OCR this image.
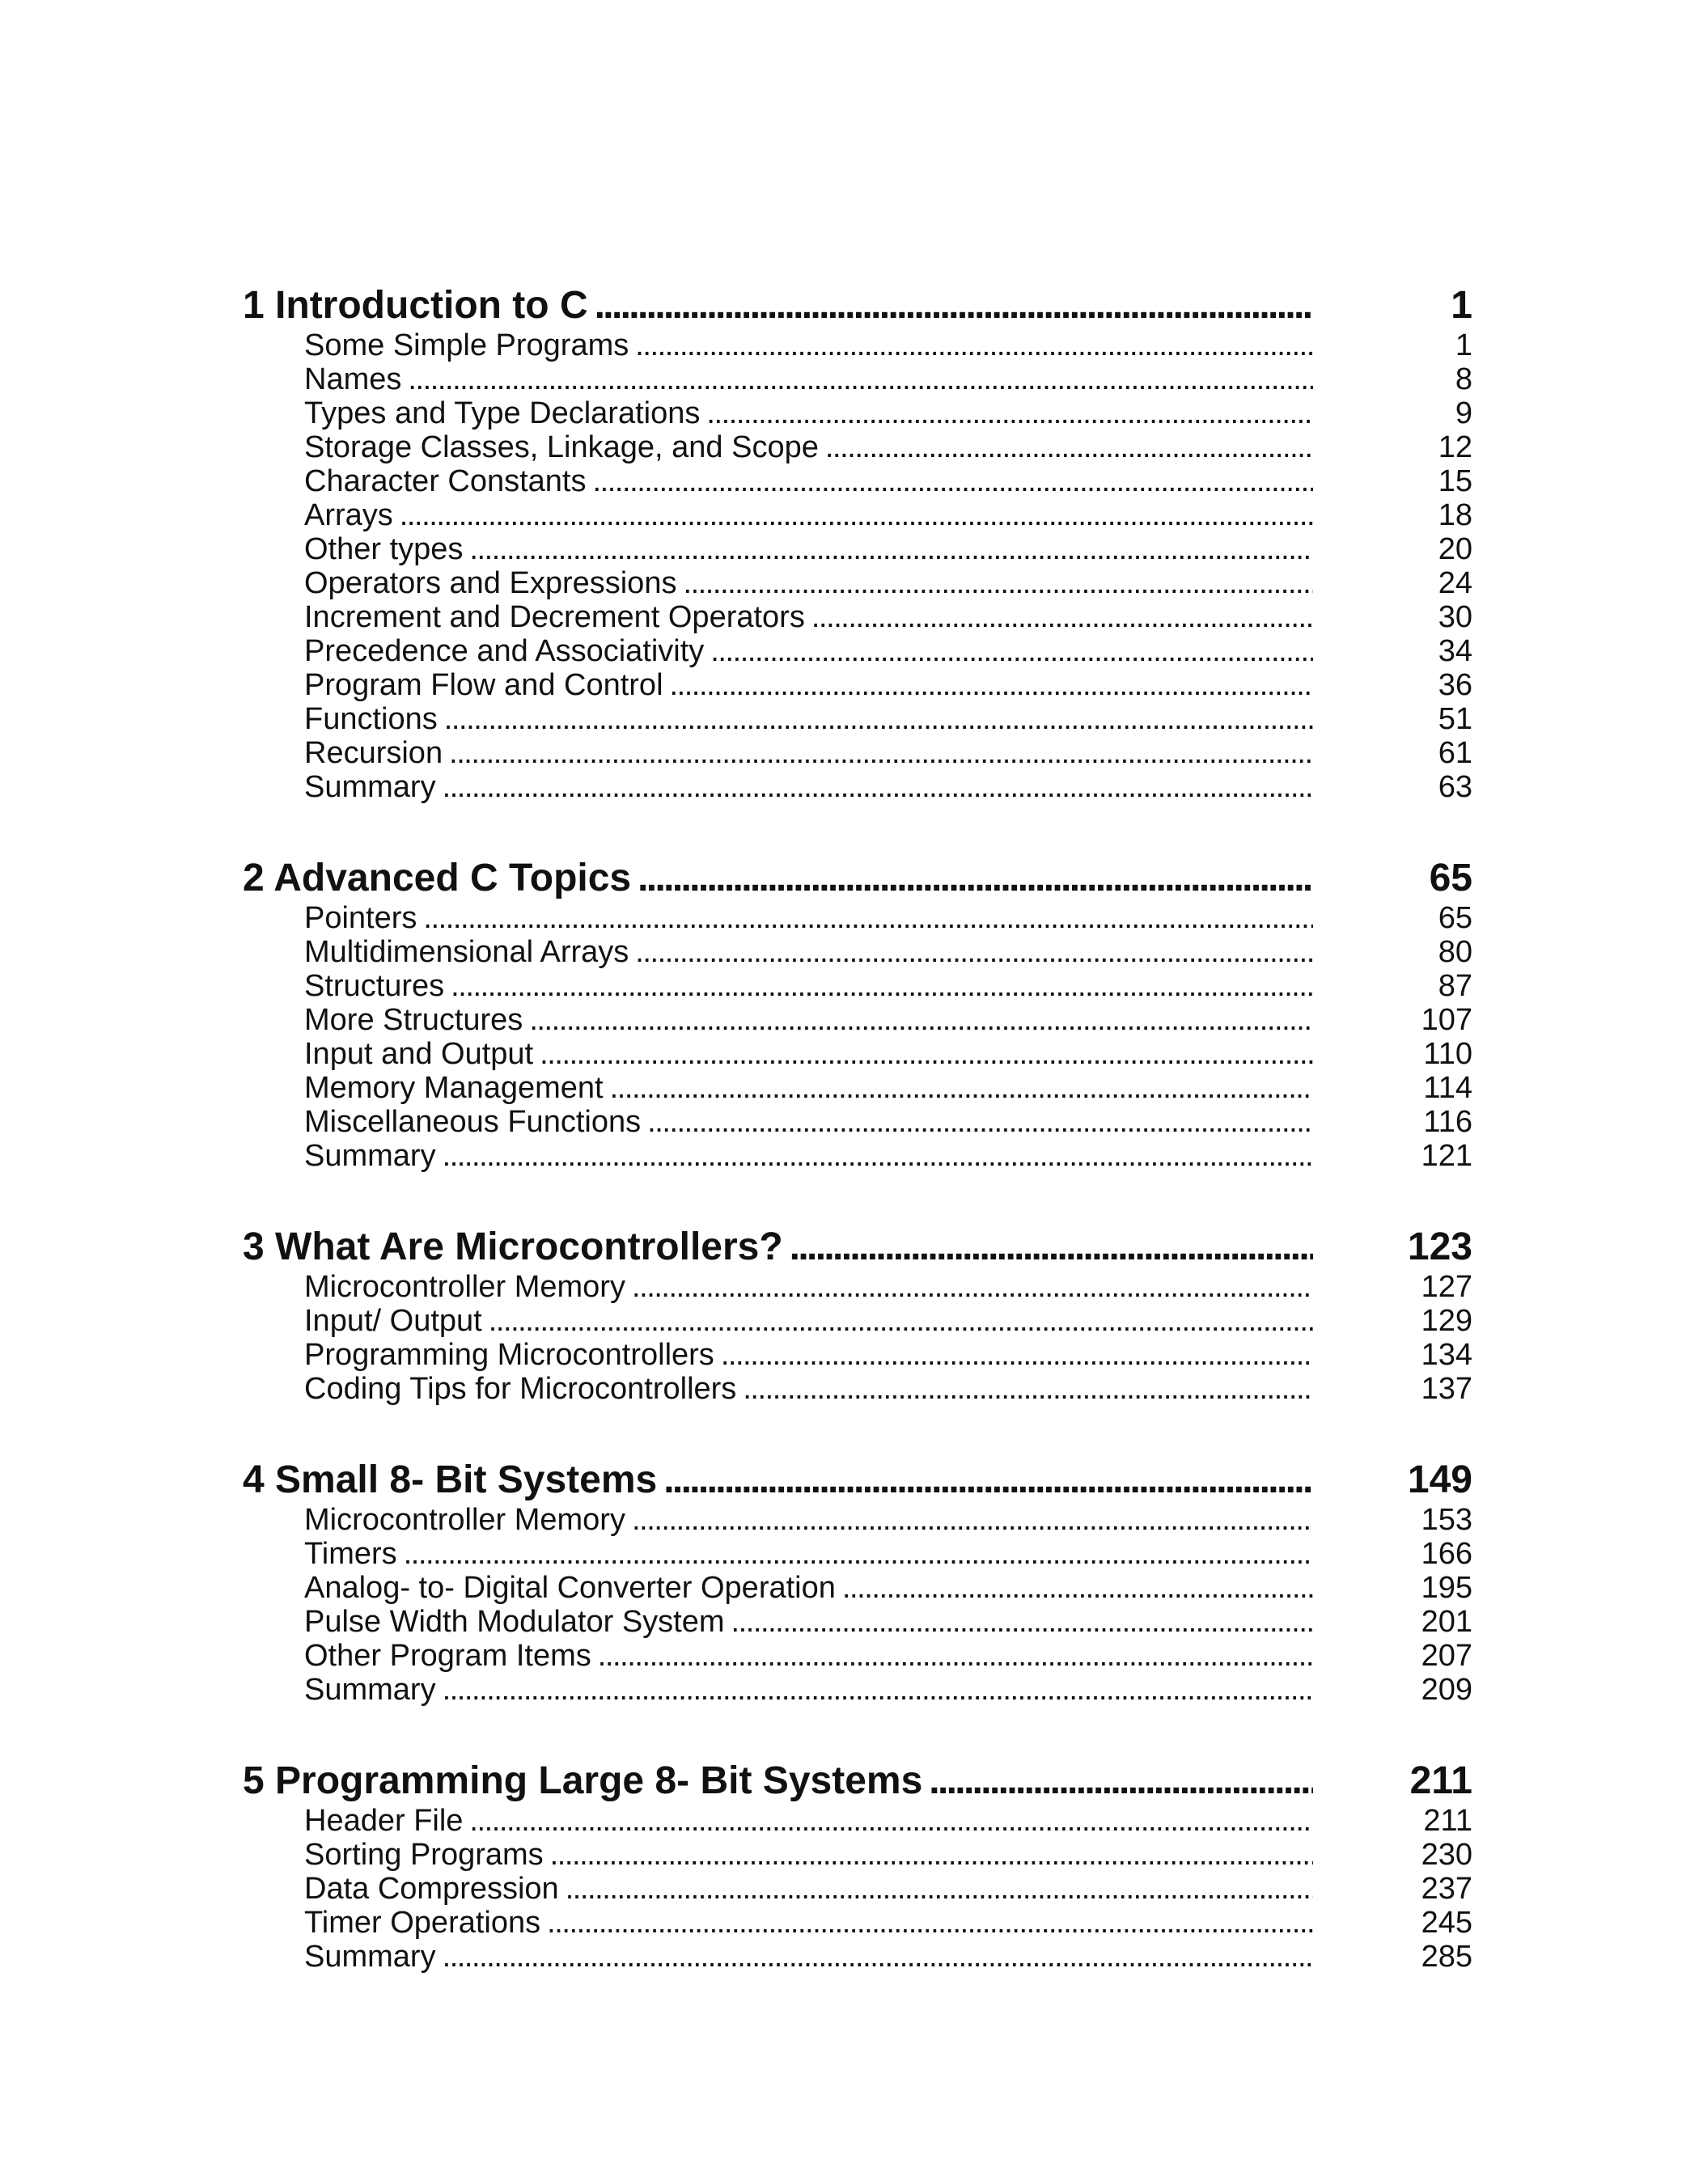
1 Introduction to C . . .	1
Some Simple Programs . . .	1
Names . . .	8
Types and Type Declarations . . .	9
Storage Classes, Linkage, and Scope . . .	12
Character Constants . . .	15
Arrays . . .	18
Other types . . .	20
Operators and Expressions . . .	24
Increment and Decrement Operators . . .	30
Precedence and Associativity . . .	34
Program Flow and Control . . .	36
Functions . . .	51
Recursion . . .	61
Summary . . .	63
2 Advanced C Topics . . .	65
Pointers . . .	65
Multidimensional Arrays . . .	80
Structures . . .	87
More Structures . . .	107
Input and Output . . .	110
Memory Management . . .	114
Miscellaneous Functions . . .	116
Summary . . .	121
3 What Are Microcontrollers? . . .	123
Microcontroller Memory . . .	127
Input/ Output . . .	129
Programming Microcontrollers . . .	134
Coding Tips for Microcontrollers . . .	137
4 Small 8- Bit Systems . . .	149
Microcontroller Memory . . .	153
Timers . . .	166
Analog- to- Digital Converter Operation . . .	195
Pulse Width Modulator System . . .	201
Other Program Items . . .	207
Summary . . .	209
5 Programming Large 8- Bit Systems . . .	211
Header File . . .	211
Sorting Programs . . .	230
Data Compression . . .	237
Timer Operations . . .	245
Summary . . .	285
